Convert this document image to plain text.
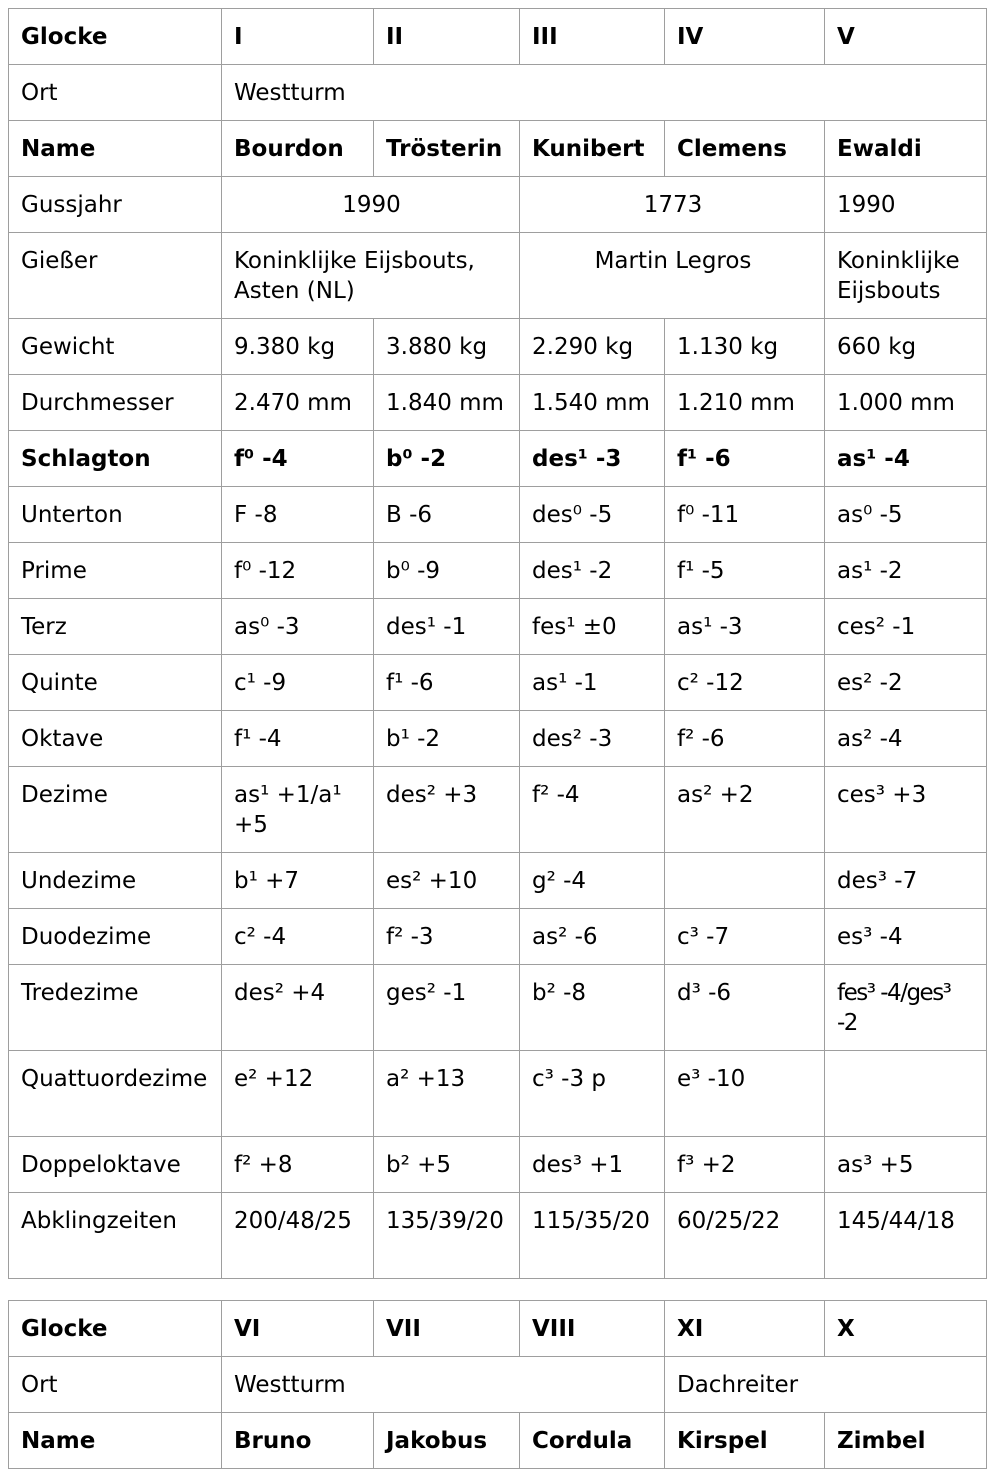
Glocke	I	II	III	IV	V
Ort	Westturm				
Name	Bourdon	Trösterin	Kunibert	Clemens	Ewaldi
Gussjahr	1990		1773		1990
Gießer	Koninklijke Eijsbouts, Asten (NL)		Martin Legros		Koninklijke Eijsbouts
Gewicht	9.380 kg	3.880 kg	2.290 kg	1.130 kg	660 kg
Durchmesser	2.470 mm	1.840 mm	1.540 mm	1.210 mm	1.000 mm
Schlagton	f⁰ -4	b⁰ -2	des¹ -3	f¹ -6	as¹ -4
Unterton	F -8	B -6	des⁰ -5	f⁰ -11	as⁰ -5
Prime	f⁰ -12	b⁰ -9	des¹ -2	f¹ -5	as¹ -2
Terz	as⁰ -3	des¹ -1	fes¹ ±0	as¹ -3	ces² -1
Quinte	c¹ -9	f¹ -6	as¹ -1	c² -12	es² -2
Oktave	f¹ -4	b¹ -2	des² -3	f² -6	as² -4
Dezime	as¹ +1/a¹ +5	des² +3	f² -4	as² +2	ces³ +3
Undezime	b¹ +7	es² +10	g² -4		des³ -7
Duodezime	c² -4	f² -3	as² -6	c³ -7	es³ -4
Tredezime	des² +4	ges² -1	b² -8	d³ -6	fes³ -4/ges³ -2
Quattuordezime	e² +12	a² +13	c³ -3 p	e³ -10	
Doppeloktave	f² +8	b² +5	des³ +1	f³ +2	as³ +5
Abklingzeiten	200/48/25	135/39/20	115/35/20	60/25/22	145/44/18
Glocke	VI	VII	VIII	XI	X
Ort	Westturm			Dachreiter	
Name	Bruno	Jakobus	Cordula	Kirspel	Zimbel
